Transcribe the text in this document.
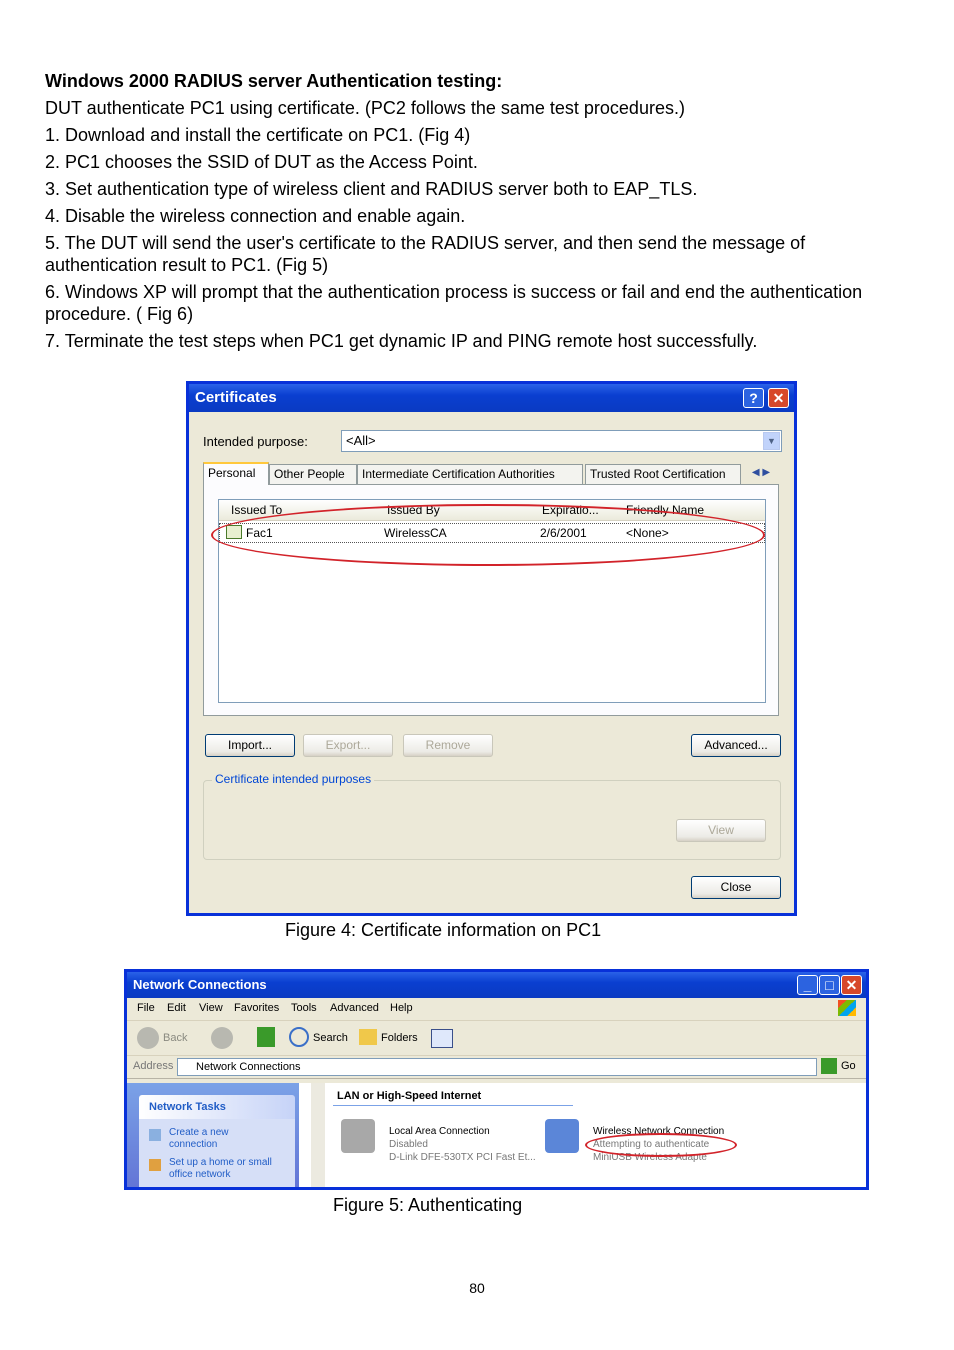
Windows 2000 RADIUS server Authentication testing:

DUT authenticate PC1 using certificate. (PC2 follows the same test procedures.)

1. Download and install the certificate on PC1. (Fig 4)

2. PC1 chooses the SSID of DUT as the Access Point.

3. Set authentication type of wireless client and RADIUS server both to EAP_TLS.

4. Disable the wireless connection and enable again.

5. The DUT will send the user's certificate to the RADIUS server, and then send the message of authentication result to PC1. (Fig 5)

6. Windows XP will prompt that the authentication process is success or fail and end the authentication procedure. ( Fig 6)

7. Terminate the test steps when PC1 get dynamic IP and PING remote host successfully.

Certificates	?	✕
Intended purpose:	<All>	▼
Personal	Other People	Intermediate Certification Authorities	Trusted Root Certification	◀ ▶
Issued To	Issued By	Expiratio... Friendly Name
Fac1	WirelessCA	2/6/2001	<None>
Import...	Export...	Remove	Advanced...
Certificate intended purposes
View
Close
Figure 4: Certificate information on PC1
Network Connections	_ □ ✕
File Edit View Favorites Tools Advanced Help
Back	Search	Folders
Address Network Connections	Go
Network Tasks
Create a new connection
Set up a home or small office network
LAN or High-Speed Internet
Local Area Connection
Disabled
D-Link DFE-530TX PCI Fast Et...
Wireless Network Connection
Attempting to authenticate
MiniUSB Wireless Adapte
Figure 5: Authenticating
80
